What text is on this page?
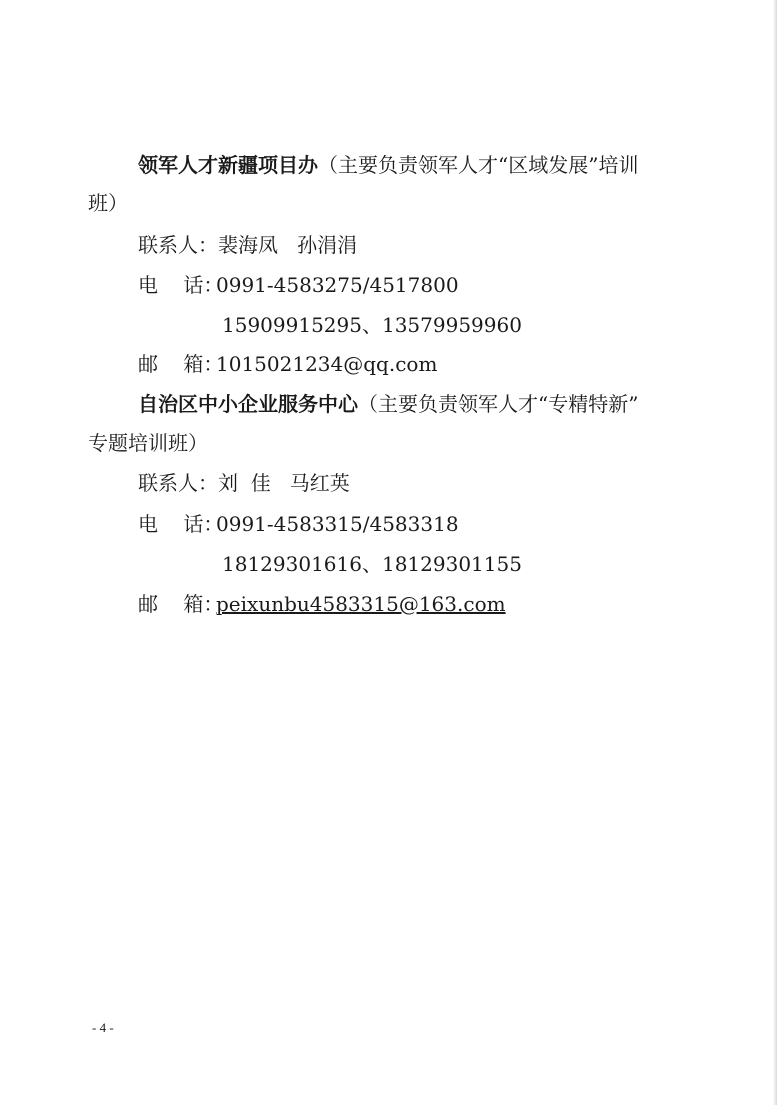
领军人才新疆项目办（主要负责领军人才“区域发展”培训
班）
联系人：裴海凤   孙涓涓
电    话：0991-4583275/4517800
15909915295、13579959960
邮    箱：1015021234@qq.com
自治区中小企业服务中心（主要负责领军人才“专精特新”
专题培训班）
联系人：刘  佳   马红英
电    话：0991-4583315/4583318
18129301616、18129301155
邮    箱：peixunbu4583315@163.com
- 4 -
